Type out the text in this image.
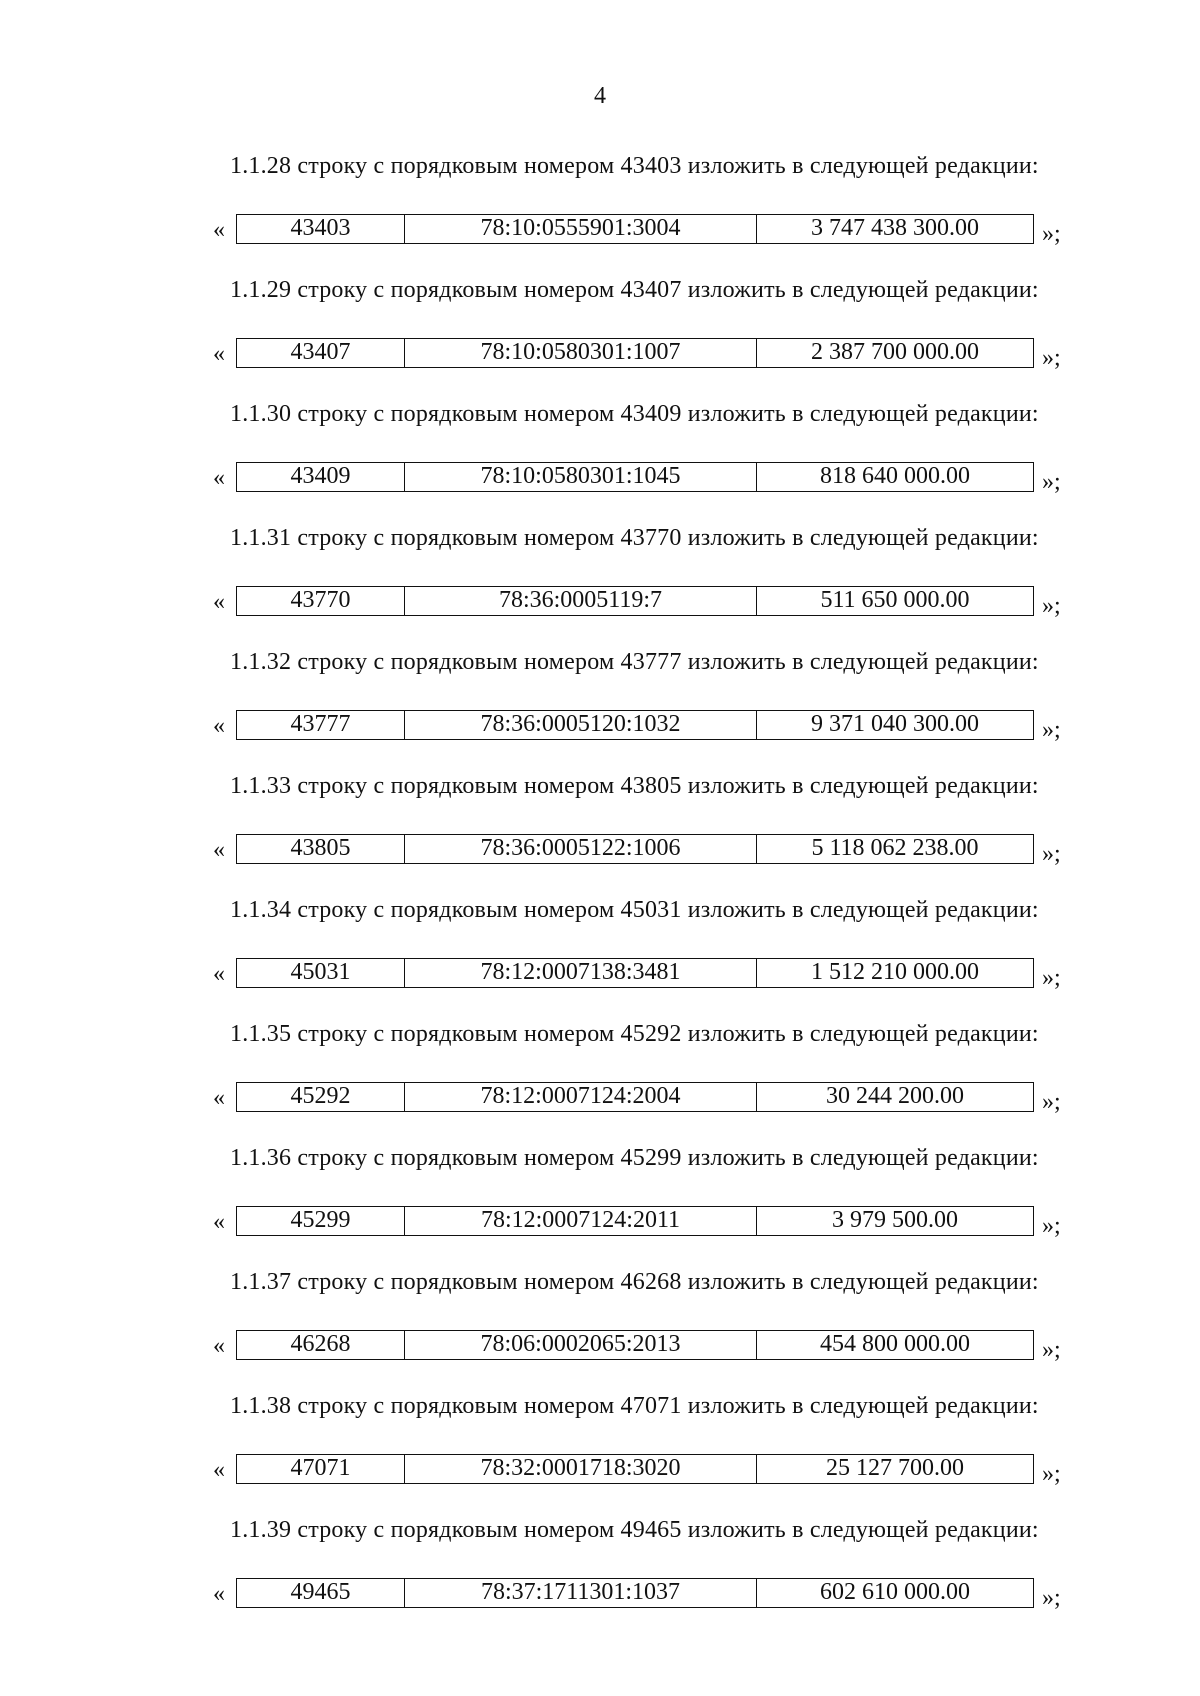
4
1.1.28 строку с порядковым номером 43403 изложить в следующей редакции:
«	43403	78:10:0555901:3004	3 747 438 300.00	»;
1.1.29 строку с порядковым номером 43407 изложить в следующей редакции:
«	43407	78:10:0580301:1007	2 387 700 000.00	»;
1.1.30 строку с порядковым номером 43409 изложить в следующей редакции:
«	43409	78:10:0580301:1045	818 640 000.00	»;
1.1.31 строку с порядковым номером 43770 изложить в следующей редакции:
«	43770	78:36:0005119:7	511 650 000.00	»;
1.1.32 строку с порядковым номером 43777 изложить в следующей редакции:
«	43777	78:36:0005120:1032	9 371 040 300.00	»;
1.1.33 строку с порядковым номером 43805 изложить в следующей редакции:
«	43805	78:36:0005122:1006	5 118 062 238.00	»;
1.1.34 строку с порядковым номером 45031 изложить в следующей редакции:
«	45031	78:12:0007138:3481	1 512 210 000.00	»;
1.1.35 строку с порядковым номером 45292 изложить в следующей редакции:
«	45292	78:12:0007124:2004	30 244 200.00	»;
1.1.36 строку с порядковым номером 45299 изложить в следующей редакции:
«	45299	78:12:0007124:2011	3 979 500.00	»;
1.1.37 строку с порядковым номером 46268 изложить в следующей редакции:
«	46268	78:06:0002065:2013	454 800 000.00	»;
1.1.38 строку с порядковым номером 47071 изложить в следующей редакции:
«	47071	78:32:0001718:3020	25 127 700.00	»;
1.1.39 строку с порядковым номером 49465 изложить в следующей редакции:
«	49465	78:37:1711301:1037	602 610 000.00	»;
